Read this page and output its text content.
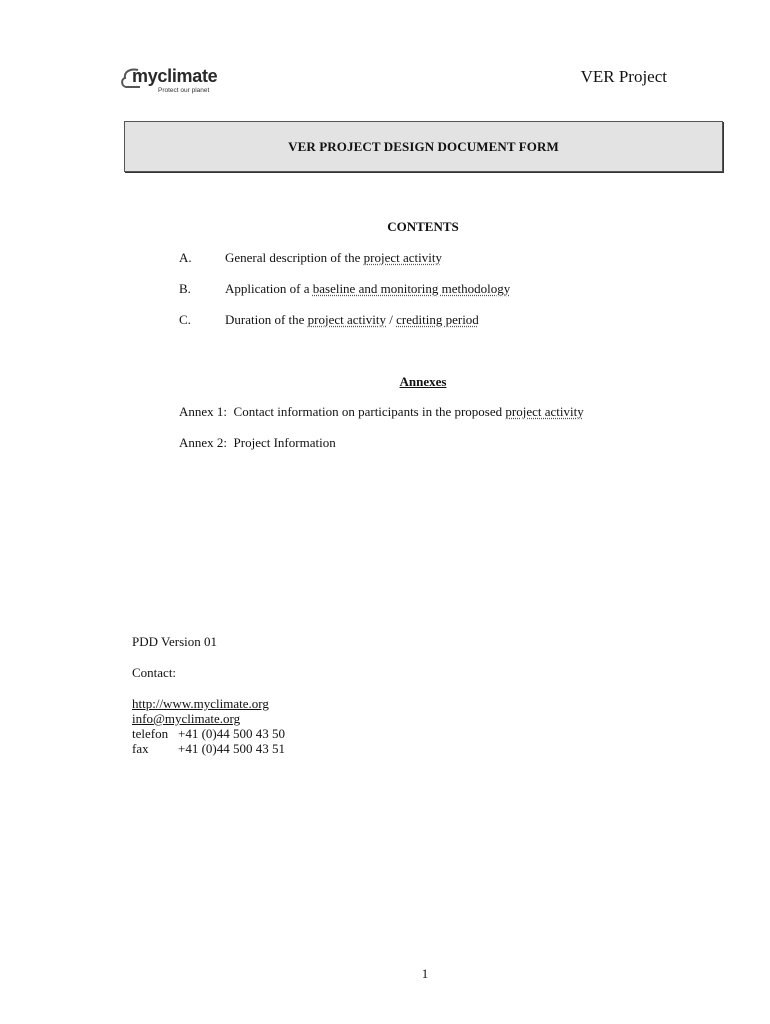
myclimate
Protect our planet
VER Project
VER PROJECT DESIGN DOCUMENT FORM
CONTENTS
A.	General description of the project activity
B.	Application of a baseline and monitoring methodology
C.	Duration of the project activity / crediting period
Annexes
Annex 1: Contact information on participants in the proposed project activity
Annex 2: Project Information
PDD Version 01
Contact:
http://www.myclimate.org
info@myclimate.org
telefon +41 (0)44 500 43 50
fax +41 (0)44 500 43 51
1
